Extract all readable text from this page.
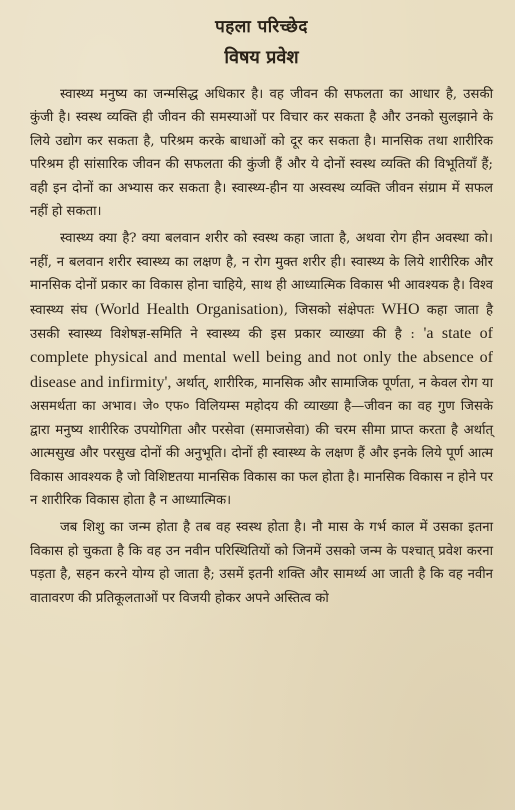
पहला परिच्छेद
विषय प्रवेश

स्वास्थ्य मनुष्य का जन्मसिद्ध अधिकार है। वह जीवन की सफलता का आधार है, उसकी कुंजी है। स्वस्थ व्यक्ति ही जीवन की समस्याओं पर विचार कर सकता है और उनको सुलझाने के लिये उद्योग कर सकता है, परिश्रम करके बाधाओं को दूर कर सकता है। मानसिक तथा शारीरिक परिश्रम ही सांसारिक जीवन की सफलता की कुंजी हैं और ये दोनों स्वस्थ व्यक्ति की विभूतियाँ हैं; वही इन दोनों का अभ्यास कर सकता है। स्वास्थ्य-हीन या अस्वस्थ व्यक्ति जीवन संग्राम में सफल नहीं हो सकता।

स्वास्थ्य क्या है? क्या बलवान शरीर को स्वस्थ कहा जाता है, अथवा रोग हीन अवस्था को। नहीं, न बलवान शरीर स्वास्थ्य का लक्षण है, न रोग मुक्त शरीर ही। स्वास्थ्य के लिये शारीरिक और मानसिक दोनों प्रकार का विकास होना चाहिये, साथ ही आध्यात्मिक विकास भी आवश्यक है। विश्व स्वास्थ्य संघ (World Health Organisation), जिसको संक्षेपतः WHO कहा जाता है उसकी स्वास्थ्य विशेषज्ञ-समिति ने स्वास्थ्य की इस प्रकार व्याख्या की है : 'a state of complete physical and mental well being and not only the absence of disease and infirmity', अर्थात्, शारीरिक, मानसिक और सामाजिक पूर्णता, न केवल रोग या असमर्थता का अभाव। जे० एफ० विलियम्स महोदय की व्याख्या है—जीवन का वह गुण जिसके द्वारा मनुष्य शारीरिक उपयोगिता और परसेवा (समाजसेवा) की चरम सीमा प्राप्त करता है अर्थात् आत्मसुख और परसुख दोनों की अनुभूति। दोनों ही स्वास्थ्य के लक्षण हैं और इनके लिये पूर्ण आत्म विकास आवश्यक है जो विशिष्टतया मानसिक विकास का फल होता है। मानसिक विकास न होने पर न शारीरिक विकास होता है न आध्यात्मिक।

जब शिशु का जन्म होता है तब वह स्वस्थ होता है। नौ मास के गर्भ काल में उसका इतना विकास हो चुकता है कि वह उन नवीन परिस्थितियों को जिनमें उसको जन्म के पश्चात् प्रवेश करना पड़ता है, सहन करने योग्य हो जाता है; उसमें इतनी शक्ति और सामर्थ्य आ जाती है कि वह नवीन वातावरण की प्रतिकूलताओं पर विजयी होकर अपने अस्तित्व को
